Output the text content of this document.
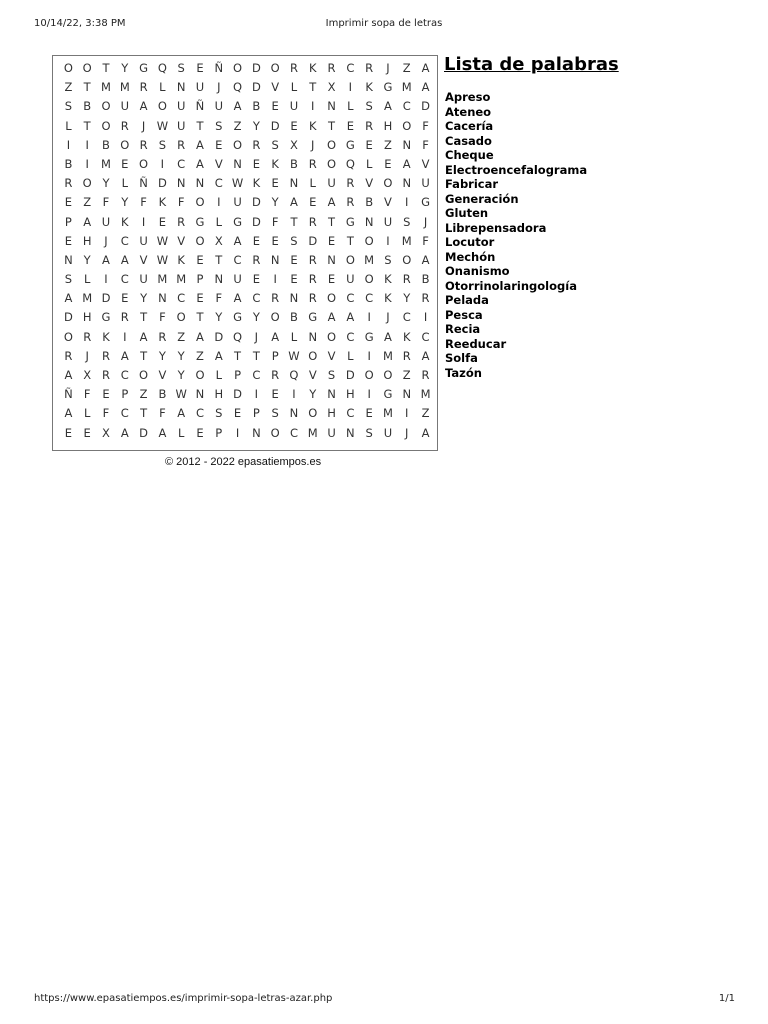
10/14/22, 3:38 PM	Imprimir sopa de letras
O O T	Y G Q S	E Ñ O D O R K R C R	J	Z A
Z T M M R	L N U	J	Q D V	L	T X	I	K G M A
S B O U A O U Ñ U A B E U	I	N L	S A C D
L	T O R	J W U T	S Z Y D E K	T	E R H O F
I	I	B O R S R A E O R S X	J	O G E Z N F
B	I	M E O	I	C A V N E K B R O Q L	E A V
R O Y	L Ñ D N N C W K E N L U R V O N U
E Z	F	Y	F	K	F O	I	U D Y A E A R B V	I	G
P A U K	I	E R G L G D F	T R T G N U S	J
E H	J	C U W V O X A E	E	S D E	T O	I	M F
N Y A A V W K E	T C R N E R N O M S O A
S	L	I	C U M M P N U E	I	E R E U O K R B
A M D E	Y N C E	F	A C R N R O C C K	Y R
D H G R T	F O T	Y G Y O B G A A	I	J	C	I
O R K	I	A R Z A D Q	J	A	L N O C G A K C
R	J	R A T	Y	Y Z A T	T	P W O V	L	I	M R A
A X R C O V Y O L	P C R Q V S D O O Z R
Ñ F	E	P Z B W N H D	I	E	I	Y N H	I	G N M
A	L	F C T	F	A C S	E	P	S N O H C E M	I	Z
E	E X A D A	L	E	P	I	N O C M U N S U	J	A
© 2012 - 2022 epasatiempos.es
Lista de palabras
Apreso
Ateneo
Cacería
Casado
Cheque
Electroencefalograma
Fabricar
Generación
Gluten
Librepensadora
Locutor
Mechón
Onanismo
Otorrinolaringología
Pelada
Pesca
Recia
Reeducar
Solfa
Tazón
https://www.epasatiempos.es/imprimir-sopa-letras-azar.php	1/1
